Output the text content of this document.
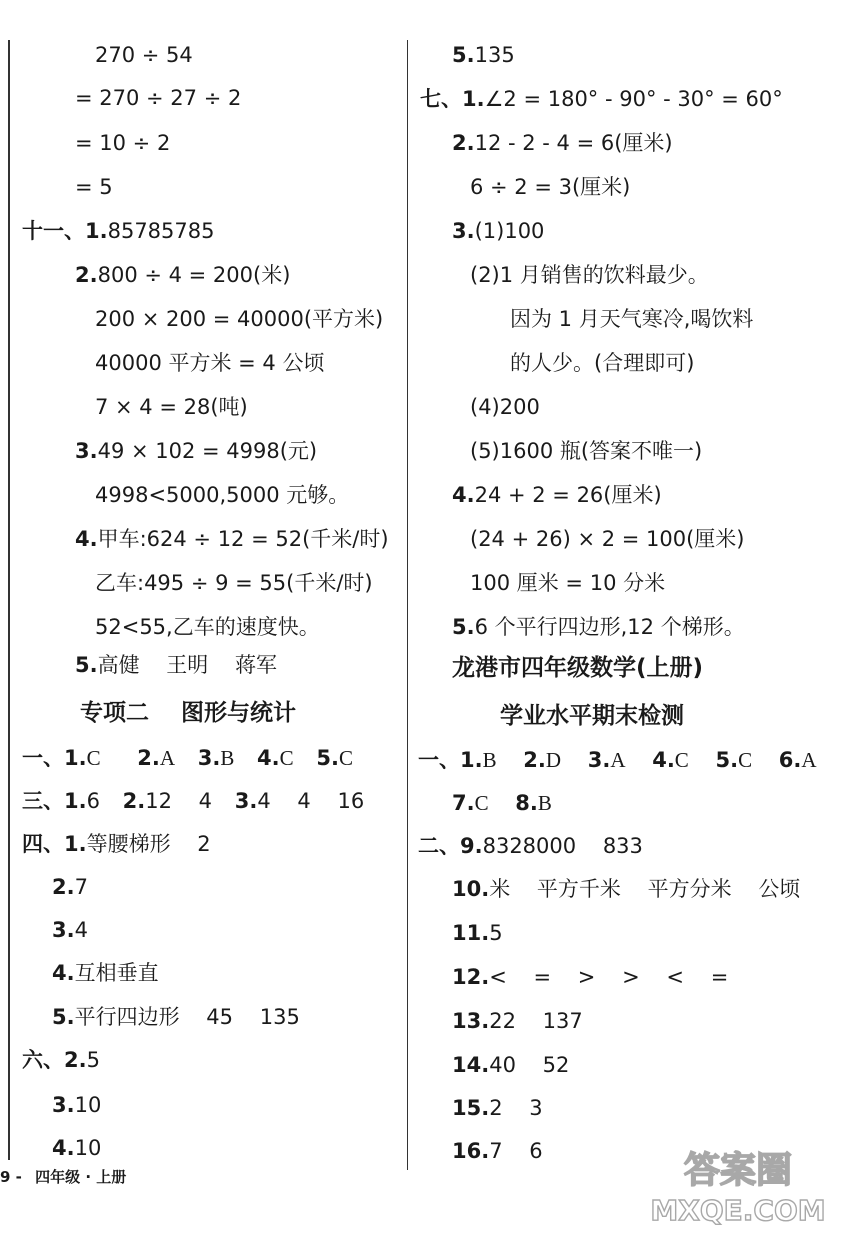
270 ÷ 54
= 270 ÷ 27 ÷ 2
= 10 ÷ 2
= 5
十一、1.85785785
2.800 ÷ 4 = 200(米)
200 × 200 = 40000(平方米)
40000 平方米 = 4 公顷
7 × 4 = 28(吨)
3.49 × 102 = 4998(元)
4998<5000,5000 元够。
4.甲车:624 ÷ 12 = 52(千米/时)
乙车:495 ÷ 9 = 55(千米/时)
52<55,乙车的速度快。
5.高健    王明    蒋军
专项二    图形与统计
一、1.C 2.A 3.B 4.C 5.C
三、1.6 2.12    4 3.4    4    16
四、1.等腰梯形    2
2.7
3.4
4.互相垂直
5.平行四边形    45    135
六、2.5
3.10
4.10
5.135
七、1.∠2 = 180° - 90° - 30° = 60°
2.12 - 2 - 4 = 6(厘米)
6 ÷ 2 = 3(厘米)
3.(1)100
(2)1 月销售的饮料最少。
因为 1 月天气寒冷,喝饮料
的人少。(合理即可)
(4)200
(5)1600 瓶(答案不唯一)
4.24 + 2 = 26(厘米)
(24 + 26) × 2 = 100(厘米)
100 厘米 = 10 分米
5.6 个平行四边形,12 个梯形。
龙港市四年级数学(上册)
学业水平期末检测
一、1.B 2.D 3.A 4.C 5.C 6.A
7.C 8.B
二、9.8328000    833
10.米    平方千米    平方分米    公顷
11.5
12.<    =    >    >    <    =
13.22    137
14.40    52
15.2    3
16.7    6
9 - 四年级 · 上册	答案圈
MXQE.COM
